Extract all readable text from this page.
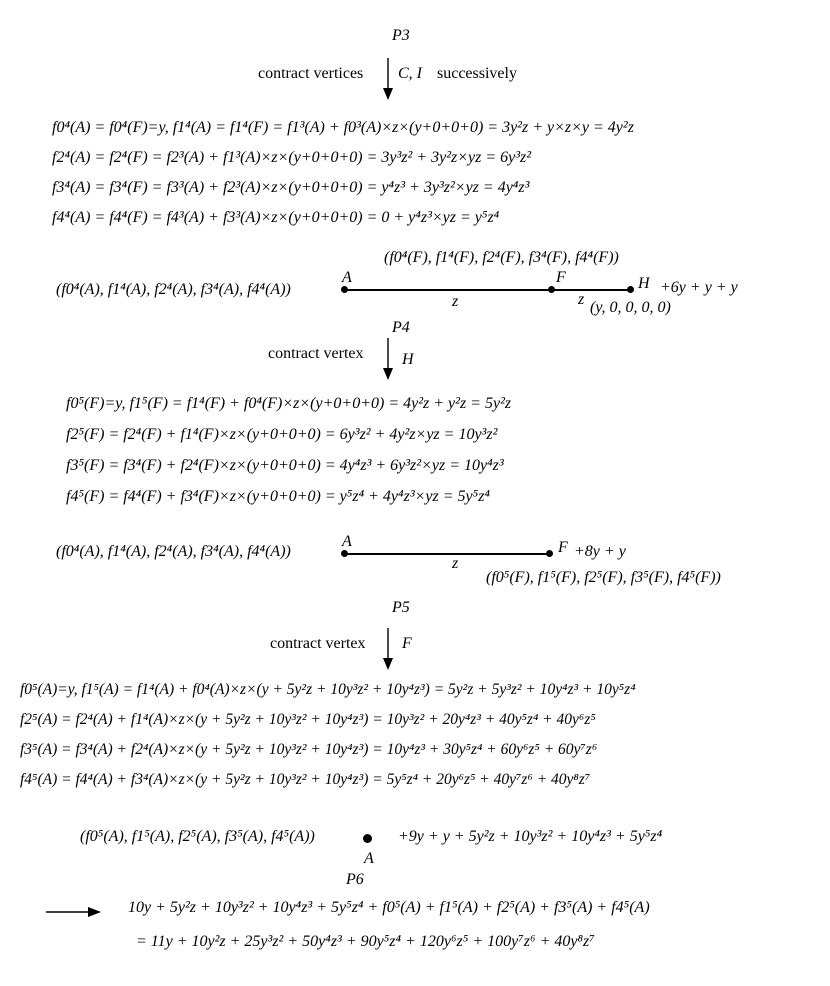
P3
contract vertices C, I successively
f0⁴(A) = f0⁴(F)=y, f1⁴(A) = f1⁴(F) = f1³(A) + f0³(A)×z×(y+0+0+0) = 3y²z + y×z×y = 4y²z
f2⁴(A) = f2⁴(F) = f2³(A) + f1³(A)×z×(y+0+0+0) = 3y³z² + 3y²z×yz = 6y³z²
f3⁴(A) = f3⁴(F) = f3³(A) + f2³(A)×z×(y+0+0+0) = y⁴z³ + 3y³z²×yz = 4y⁴z³
f4⁴(A) = f4⁴(F) = f4³(A) + f3³(A)×z×(y+0+0+0) = 0 + y⁴z³×yz = y⁵z⁴
(f0⁴(F), f1⁴(F), f2⁴(F), f3⁴(F), f4⁴(F))
(f0⁴(A), f1⁴(A), f2⁴(A), f3⁴(A), f4⁴(A))
A
z
F
z
H +6y + y + y
(y, 0, 0, 0, 0)
P4
contract vertex H
f0⁵(F)=y, f1⁵(F) = f1⁴(F) + f0⁴(F)×z×(y+0+0+0) = 4y²z + y²z = 5y²z
f2⁵(F) = f2⁴(F) + f1⁴(F)×z×(y+0+0+0) = 6y³z² + 4y²z×yz = 10y³z²
f3⁵(F) = f3⁴(F) + f2⁴(F)×z×(y+0+0+0) = 4y⁴z³ + 6y³z²×yz = 10y⁴z³
f4⁵(F) = f4⁴(F) + f3⁴(F)×z×(y+0+0+0) = y⁵z⁴ + 4y⁴z³×yz = 5y⁵z⁴
(f0⁴(A), f1⁴(A), f2⁴(A), f3⁴(A), f4⁴(A))
A
z
F +8y + y
(f0⁵(F), f1⁵(F), f2⁵(F), f3⁵(F), f4⁵(F))
P5
contract vertex F
f0⁵(A)=y, f1⁵(A) = f1⁴(A) + f0⁴(A)×z×(y + 5y²z + 10y³z² + 10y⁴z³) = 5y²z + 5y³z² + 10y⁴z³ + 10y⁵z⁴
f2⁵(A) = f2⁴(A) + f1⁴(A)×z×(y + 5y²z + 10y³z² + 10y⁴z³) = 10y³z² + 20y⁴z³ + 40y⁵z⁴ + 40y⁶z⁵
f3⁵(A) = f3⁴(A) + f2⁴(A)×z×(y + 5y²z + 10y³z² + 10y⁴z³) = 10y⁴z³ + 30y⁵z⁴ + 60y⁶z⁵ + 60y⁷z⁶
f4⁵(A) = f4⁴(A) + f3⁴(A)×z×(y + 5y²z + 10y³z² + 10y⁴z³) = 5y⁵z⁴ + 20y⁶z⁵ + 40y⁷z⁶ + 40y⁸z⁷
(f0⁵(A), f1⁵(A), f2⁵(A), f3⁵(A), f4⁵(A))
A
+9y + y + 5y²z + 10y³z² + 10y⁴z³ + 5y⁵z⁴
P6
10y + 5y²z + 10y³z² + 10y⁴z³ + 5y⁵z⁴ + f0⁵(A) + f1⁵(A) + f2⁵(A) + f3⁵(A) + f4⁵(A)
= 11y + 10y²z + 25y³z² + 50y⁴z³ + 90y⁵z⁴ + 120y⁶z⁵ + 100y⁷z⁶ + 40y⁸z⁷
